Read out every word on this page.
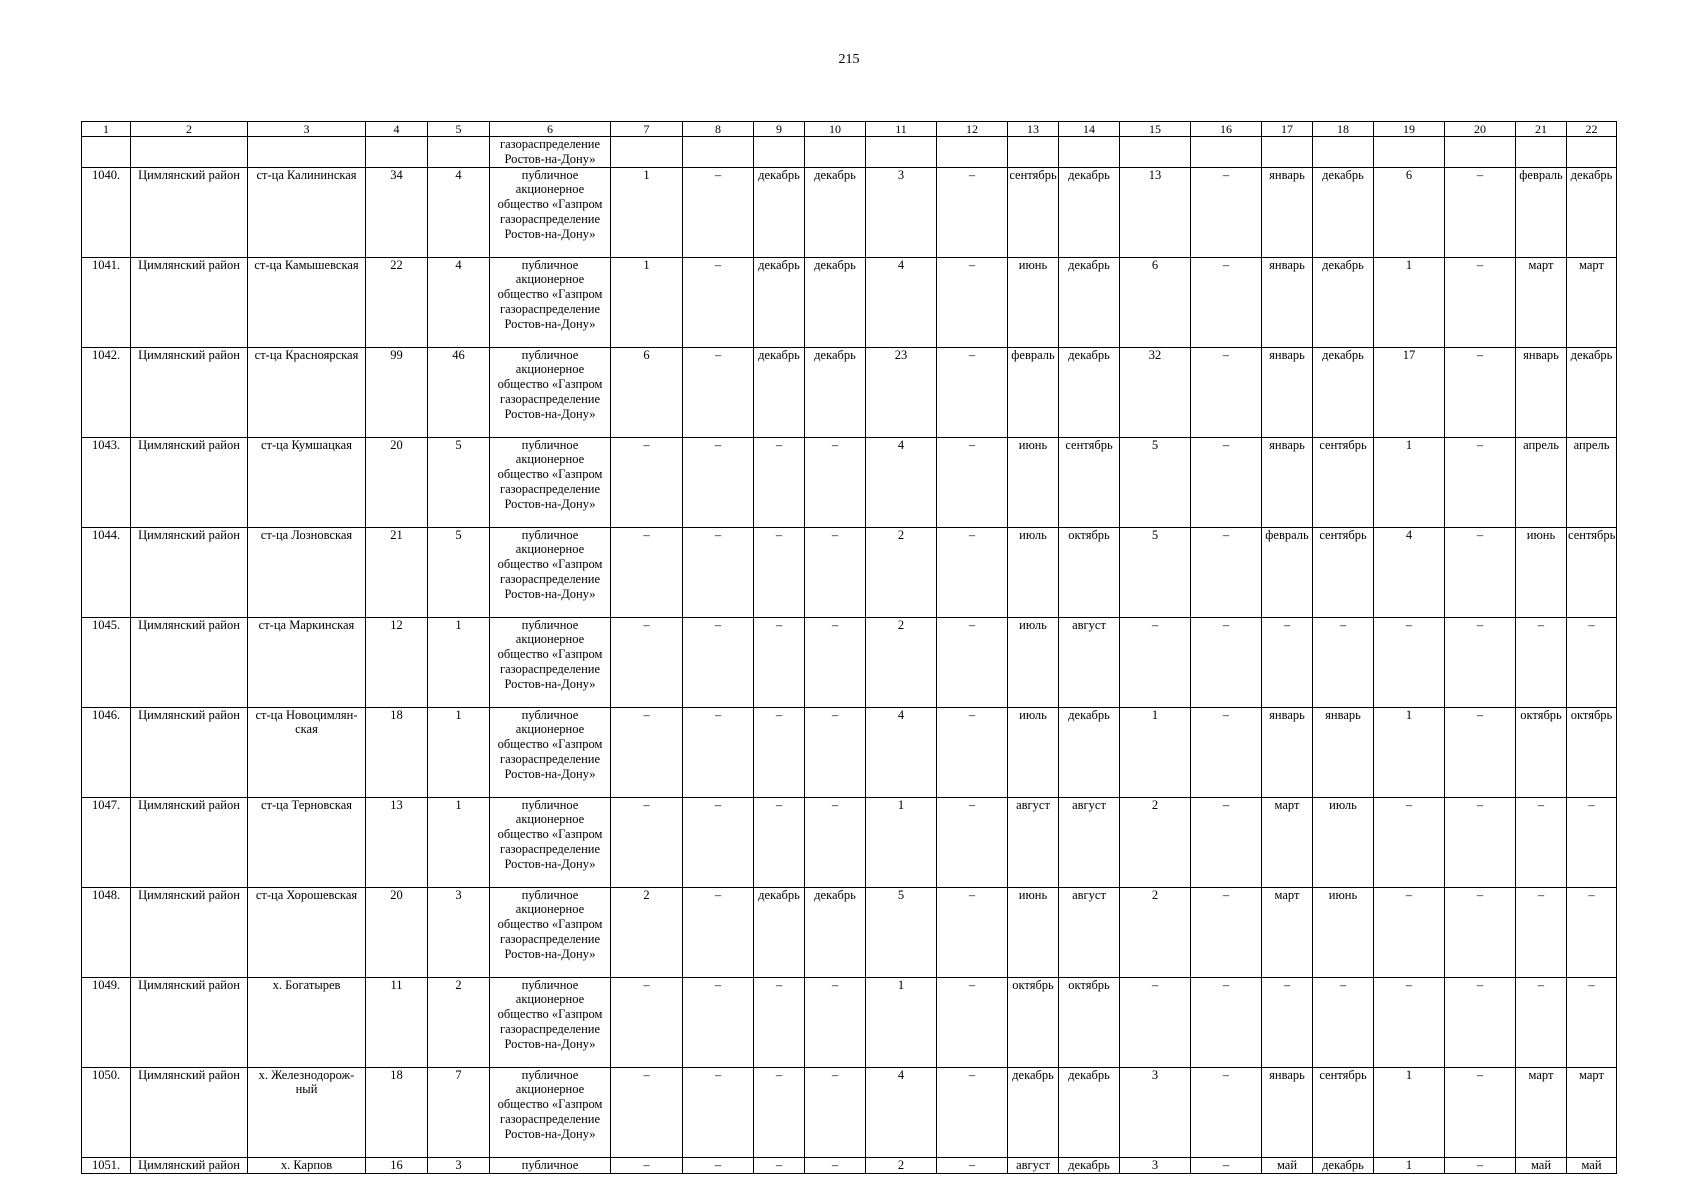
215
1	2	3	4	5	6	7	8	9	10	11	12	13	14	15	16	17	18	19	20	21	22
					газораспределение Ростов-на-Дону»																
1040.	Цимлянский район	ст-ца Калининская	34	4	публичное акционерное общество «Газпром газораспределение Ростов-на-Дону»	1	–	декабрь	декабрь	3	–	сентябрь	декабрь	13	–	январь	декабрь	6	–	февраль	декабрь
1041.	Цимлянский район	ст-ца Камышевская	22	4	публичное акционерное общество «Газпром газораспределение Ростов-на-Дону»	1	–	декабрь	декабрь	4	–	июнь	декабрь	6	–	январь	декабрь	1	–	март	март
1042.	Цимлянский район	ст-ца Красноярская	99	46	публичное акционерное общество «Газпром газораспределение Ростов-на-Дону»	6	–	декабрь	декабрь	23	–	февраль	декабрь	32	–	январь	декабрь	17	–	январь	декабрь
1043.	Цимлянский район	ст-ца Кумшацкая	20	5	публичное акционерное общество «Газпром газораспределение Ростов-на-Дону»	–	–	–	–	4	–	июнь	сентябрь	5	–	январь	сентябрь	1	–	апрель	апрель
1044.	Цимлянский район	ст-ца Лозновская	21	5	публичное акционерное общество «Газпром газораспределение Ростов-на-Дону»	–	–	–	–	2	–	июль	октябрь	5	–	февраль	сентябрь	4	–	июнь	сентябрь
1045.	Цимлянский район	ст-ца Маркинская	12	1	публичное акционерное общество «Газпром газораспределение Ростов-на-Дону»	–	–	–	–	2	–	июль	август	–	–	–	–	–	–	–	–
1046.	Цимлянский район	ст-ца Новоцимлян- ская	18	1	публичное акционерное общество «Газпром газораспределение Ростов-на-Дону»	–	–	–	–	4	–	июль	декабрь	1	–	январь	январь	1	–	октябрь	октябрь
1047.	Цимлянский район	ст-ца Терновская	13	1	публичное акционерное общество «Газпром газораспределение Ростов-на-Дону»	–	–	–	–	1	–	август	август	2	–	март	июль	–	–	–	–
1048.	Цимлянский район	ст-ца Хорошевская	20	3	публичное акционерное общество «Газпром газораспределение Ростов-на-Дону»	2	–	декабрь	декабрь	5	–	июнь	август	2	–	март	июнь	–	–	–	–
1049.	Цимлянский район	х. Богатырев	11	2	публичное акционерное общество «Газпром газораспределение Ростов-на-Дону»	–	–	–	–	1	–	октябрь	октябрь	–	–	–	–	–	–	–	–
1050.	Цимлянский район	х. Железнодорож- ный	18	7	публичное акционерное общество «Газпром газораспределение Ростов-на-Дону»	–	–	–	–	4	–	декабрь	декабрь	3	–	январь	сентябрь	1	–	март	март
1051.	Цимлянский район	х. Карпов	16	3	публичное	–	–	–	–	2	–	август	декабрь	3	–	май	декабрь	1	–	май	май
